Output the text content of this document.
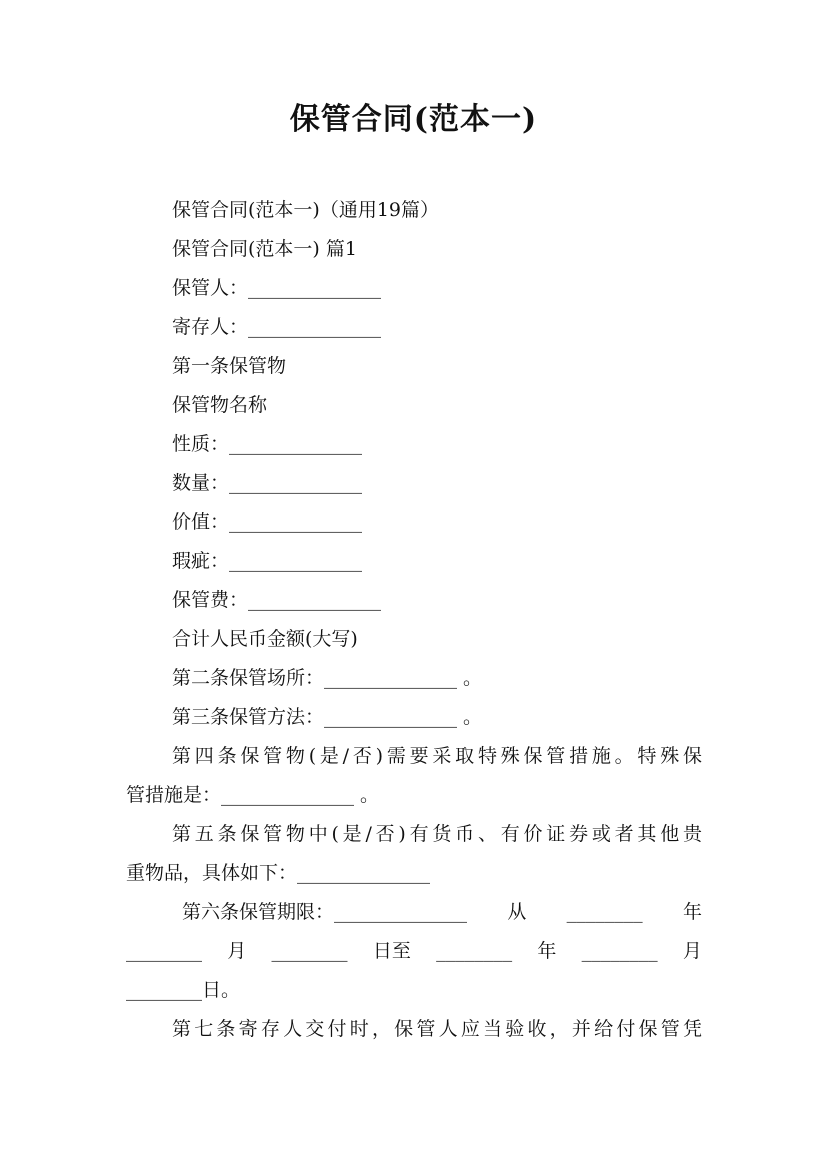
保管合同(范本一)
保管合同(范本一)（通用19篇）
保管合同(范本一) 篇1
保管人：______________
寄存人：______________
第一条保管物
保管物名称
性质：______________
数量：______________
价值：______________
瑕疵：______________
保管费：______________
合计人民币金额(大写)
第二条保管场所：______________ 。
第三条保管方法：______________ 。
第四条保管物(是/否)需要采取特殊保管措施。特殊保
管措施是：______________ 。
第五条保管物中(是/否)有货币、有价证券或者其他贵
重物品，具体如下：______________
第六条保管期限：______________ 从 ________ 年
________ 月 ________ 日至 ________ 年 ________ 月
________日。
第七条寄存人交付时，保管人应当验收，并给付保管凭
